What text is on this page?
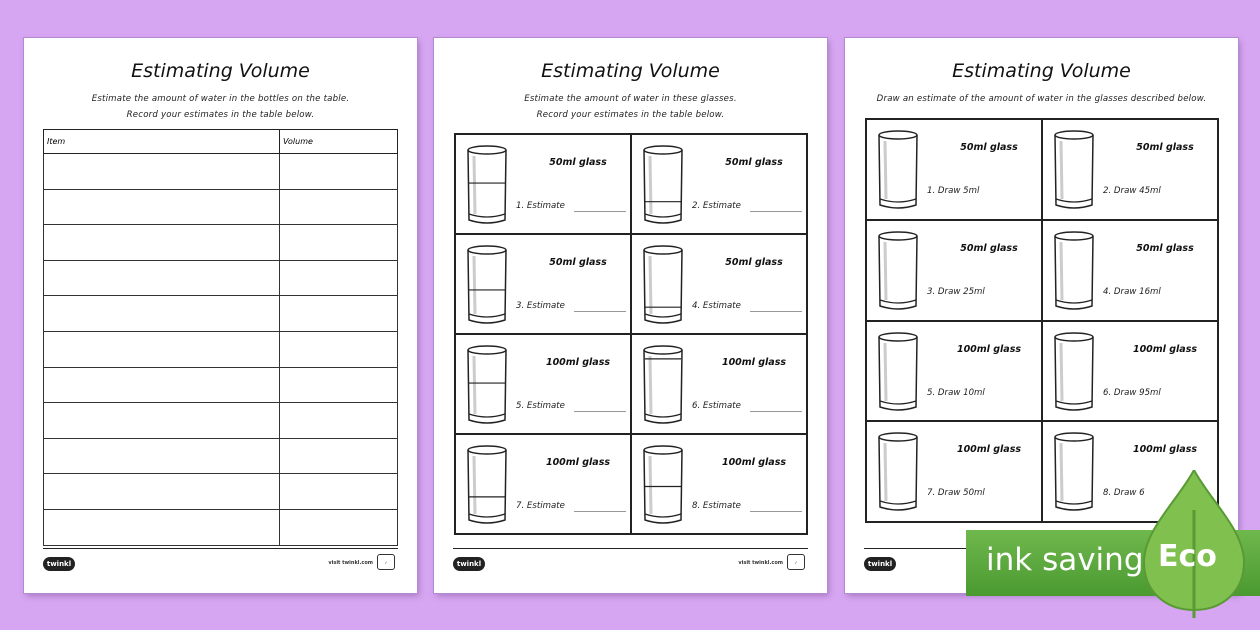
Estimating Volume
Estimate the amount of water in the bottles on the table.
Record your estimates in the table below.
Item	Volume

twinkl	visit twinkl.com	✓
Estimating Volume
Estimate the amount of water in these glasses.
Record your estimates in the table below.
50ml glass
1. Estimate
50ml glass
2. Estimate
50ml glass
3. Estimate
50ml glass
4. Estimate
100ml glass
5. Estimate
100ml glass
6. Estimate
100ml glass
7. Estimate
100ml glass
8. Estimate
twinkl	visit twinkl.com	✓
Estimating Volume
Draw an estimate of the amount of water in the glasses described below.
50ml glass
1. Draw 5ml
50ml glass
2. Draw 45ml
50ml glass
3. Draw 25ml
50ml glass
4. Draw 16ml
100ml glass
5. Draw 10ml
100ml glass
6. Draw 95ml
100ml glass
7. Draw 50ml
100ml glass
8. Draw 6
twinkl	ink saving Eco
